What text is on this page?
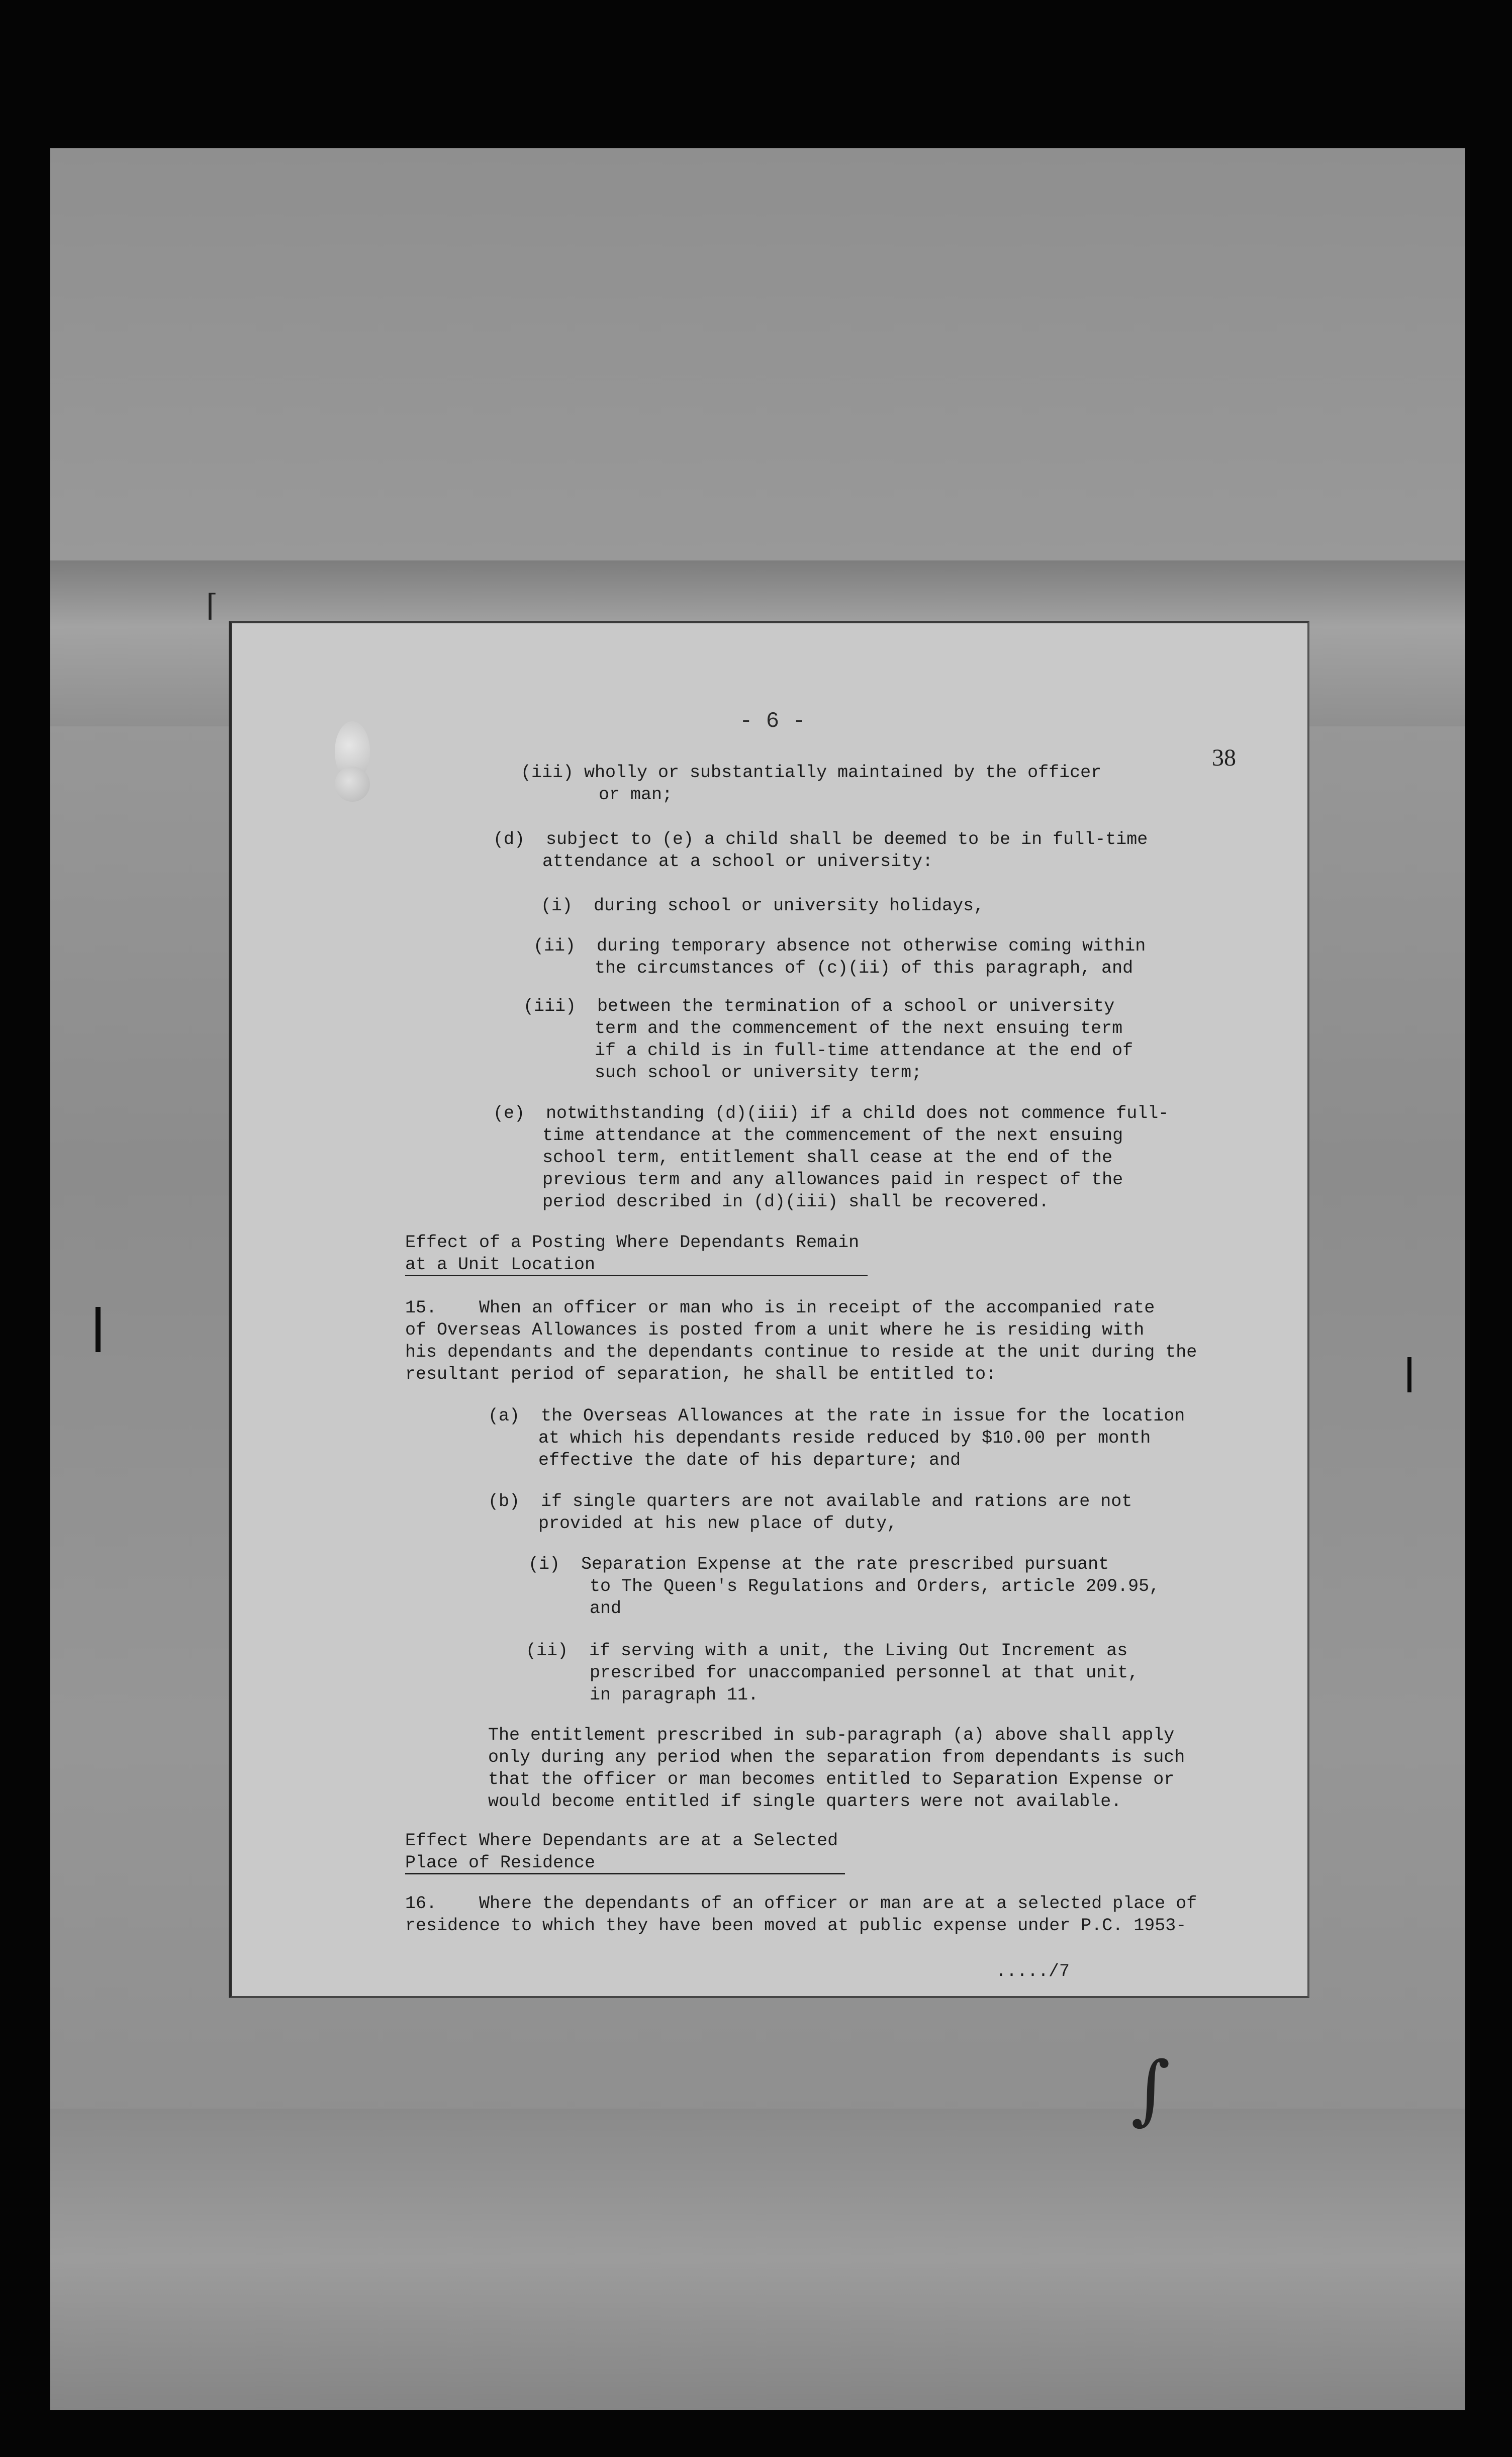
- 6 -
38
(iii) wholly or substantially maintained by the officer
or man;
(d)  subject to (e) a child shall be deemed to be in full-time
attendance at a school or university:
(i)  during school or university holidays,
(ii)  during temporary absence not otherwise coming within
the circumstances of (c)(ii) of this paragraph, and
(iii)  between the termination of a school or university
term and the commencement of the next ensuing term
if a child is in full-time attendance at the end of
such school or university term;
(e)  notwithstanding (d)(iii) if a child does not commence full-
time attendance at the commencement of the next ensuing
school term, entitlement shall cease at the end of the
previous term and any allowances paid in respect of the
period described in (d)(iii) shall be recovered.
Effect of a Posting Where Dependants Remain
at a Unit Location
15.    When an officer or man who is in receipt of the accompanied rate
of Overseas Allowances is posted from a unit where he is residing with
his dependants and the dependants continue to reside at the unit during the
resultant period of separation, he shall be entitled to:
(a)  the Overseas Allowances at the rate in issue for the location
at which his dependants reside reduced by $10.00 per month
effective the date of his departure; and
(b)  if single quarters are not available and rations are not
provided at his new place of duty,
(i)  Separation Expense at the rate prescribed pursuant
to The Queen's Regulations and Orders, article 209.95,
and
(ii)  if serving with a unit, the Living Out Increment as
prescribed for unaccompanied personnel at that unit,
in paragraph 11.
The entitlement prescribed in sub-paragraph (a) above shall apply
only during any period when the separation from dependants is such
that the officer or man becomes entitled to Separation Expense or
would become entitled if single quarters were not available.
Effect Where Dependants are at a Selected
Place of Residence
16.    Where the dependants of an officer or man are at a selected place of
residence to which they have been moved at public expense under P.C. 1953-
...../7
∫
⌈
